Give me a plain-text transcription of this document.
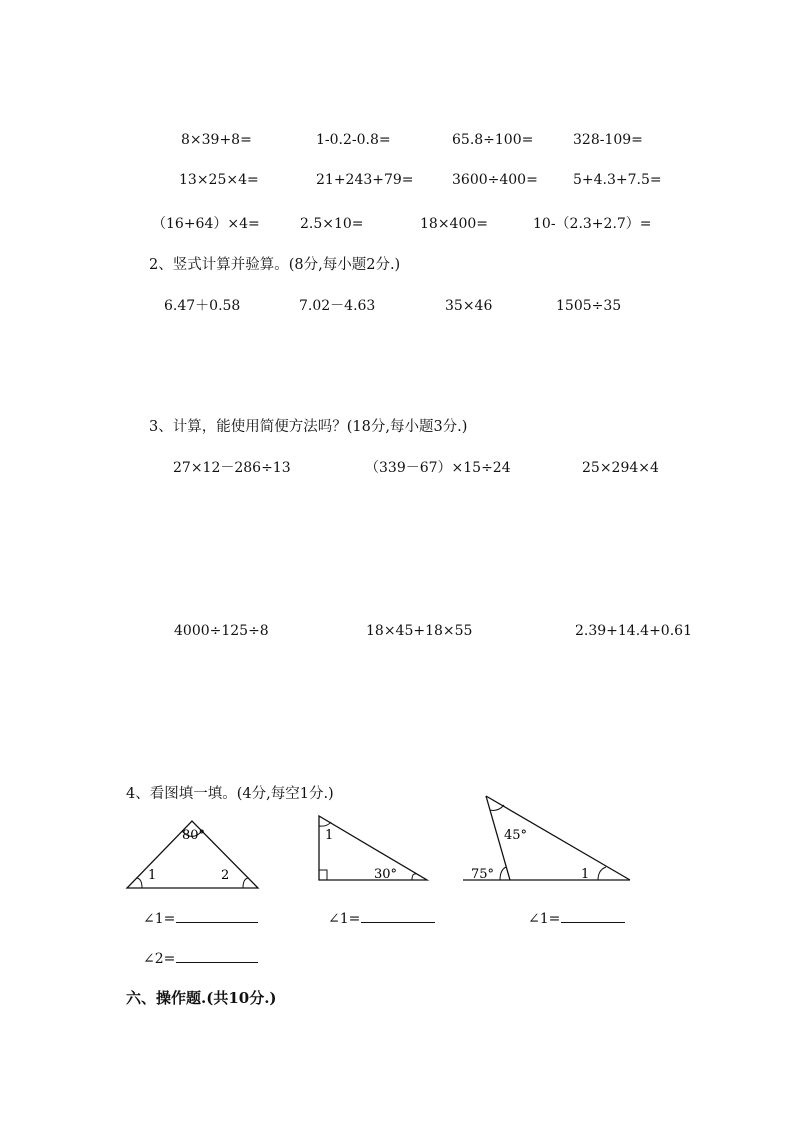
8×39+8=	1-0.2-0.8=	65.8÷100=	328-109=
13×25×4=	21+243+79=	3600÷400=	5+4.3+7.5=
（16+64）×4=	2.5×10=	18×400=	10-（2.3+2.7）=
2、竖式计算并验算。(8分,每小题2分.)
6.47＋0.58	7.02－4.63	35×46	1505÷35
3、计算，能使用简便方法吗？(18分,每小题3分.)
27×12－286÷13	（339－67）×15÷24	25×294×4
4000÷125÷8	18×45+18×55	2.39+14.4+0.61
4、看图填一填。(4分,每空1分.)
80°
1	2
1
30°
45°
75°	1
∠1=	∠1=	∠1=
∠2=
六、操作题.(共10分.)
